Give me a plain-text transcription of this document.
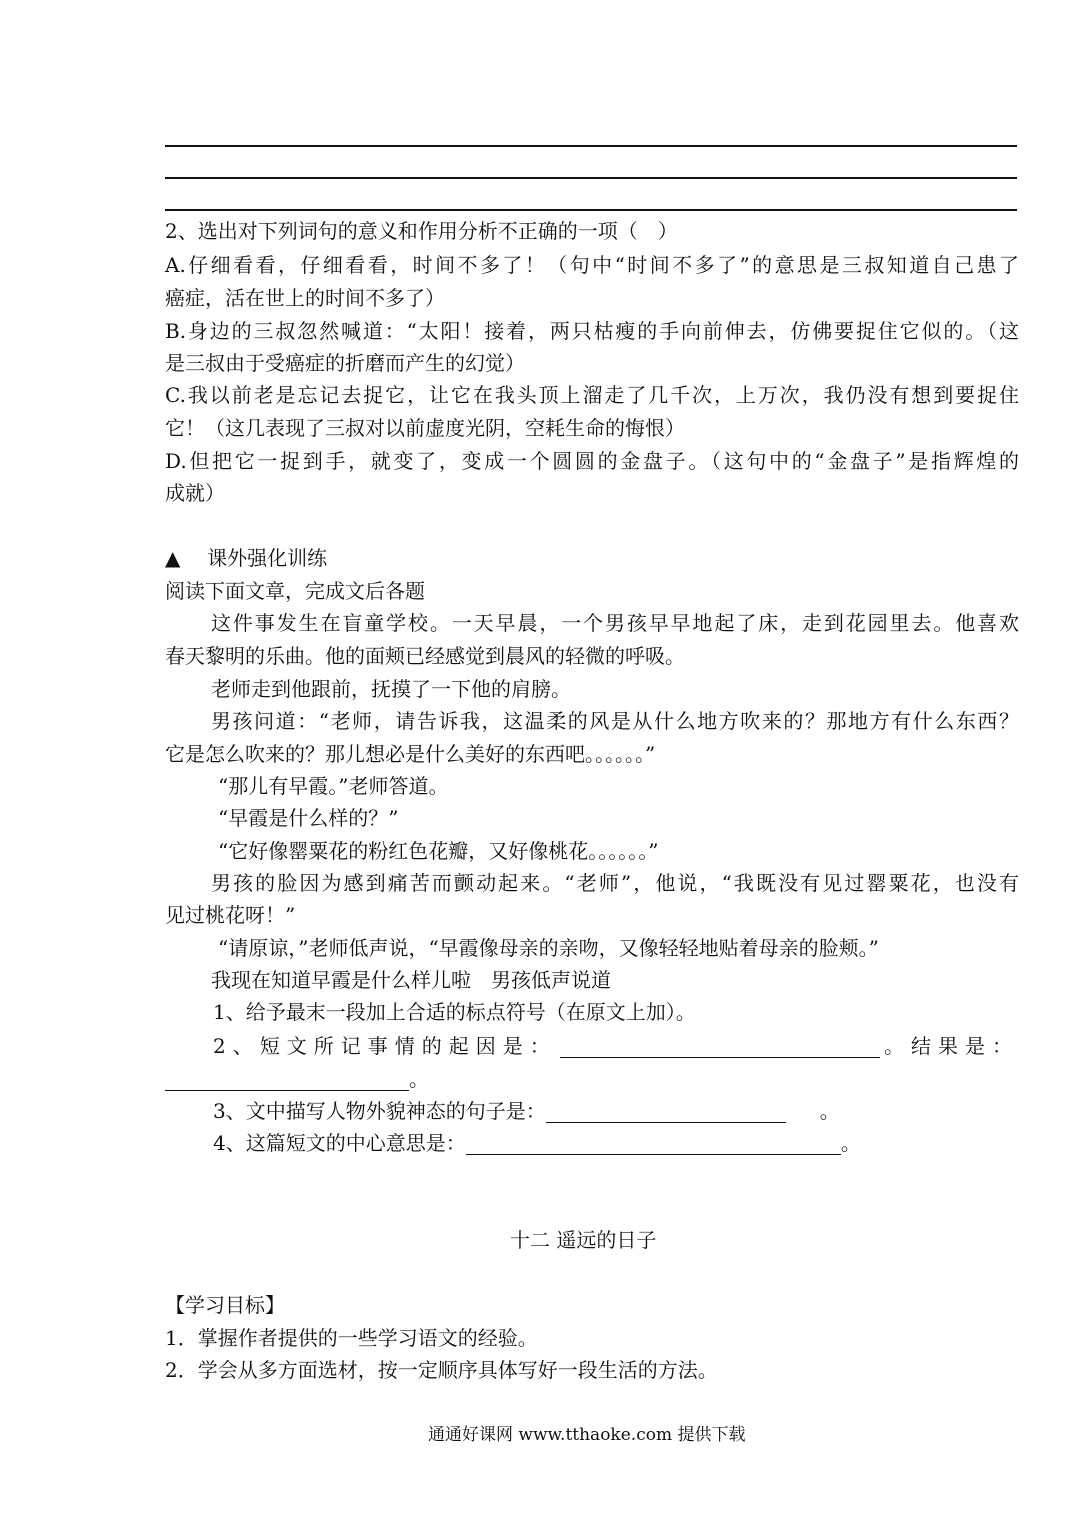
2、选出对下列词句的意义和作用分析不正确的一项（　）
A.仔细看看，仔细看看，时间不多了！（句中“时间不多了”的意思是三叔知道自己患了
癌症，活在世上的时间不多了）
B.身边的三叔忽然喊道：“太阳！接着，两只枯瘦的手向前伸去，仿佛要捉住它似的。（这
是三叔由于受癌症的折磨而产生的幻觉）
C.我以前老是忘记去捉它，让它在我头顶上溜走了几千次，上万次，我仍没有想到要捉住
它！（这几表现了三叔对以前虚度光阴，空耗生命的悔恨）
D.但把它一捉到手，就变了，变成一个圆圆的金盘子。（这句中的“金盘子”是指辉煌的
成就）
▲ 课外强化训练
阅读下面文章，完成文后各题
这件事发生在盲童学校。一天早晨，一个男孩早早地起了床，走到花园里去。他喜欢
春天黎明的乐曲。他的面颊已经感觉到晨风的轻微的呼吸。
老师走到他跟前，抚摸了一下他的肩膀。
男孩问道：“老师，请告诉我，这温柔的风是从什么地方吹来的？那地方有什么东西？
它是怎么吹来的？那儿想必是什么美好的东西吧。。。。。。”
“那儿有早霞。”老师答道。
“早霞是什么样的？”
“它好像罂粟花的粉红色花瓣，又好像桃花。。。。。。”
男孩的脸因为感到痛苦而颤动起来。“老师”，他说，“我既没有见过罂粟花，也没有
见过桃花呀！”
“请原谅，”老师低声说，“早霞像母亲的亲吻，又像轻轻地贴着母亲的脸颊。”
我现在知道早霞是什么样儿啦　男孩低声说道
1、给予最末一段加上合适的标点符号（在原文上加）。
2、短文所记事情的起因是：	。结果是：
。
3、文中描写人物外貌神态的句子是：	。
4、这篇短文的中心意思是：	。
十二 遥远的日子
【学习目标】
1．掌握作者提供的一些学习语文的经验。
2．学会从多方面选材，按一定顺序具体写好一段生活的方法。
通通好课网 www.tthaoke.com 提供下载
